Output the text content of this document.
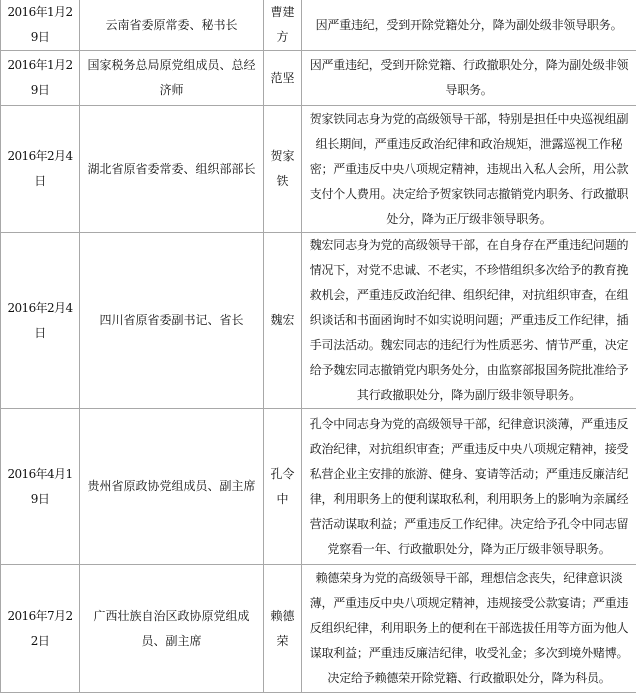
2016年1月29日	云南省委原常委、秘书长	曹建方	因严重违纪，受到开除党籍处分，降为副处级非领导职务。
2016年1月29日	国家税务总局原党组成员、总经济师	范坚	因严重违纪，受到开除党籍、行政撤职处分，降为副处级非领导职务。
2016年2月4日	湖北省原省委常委、组织部部长	贺家铁	贺家铁同志身为党的高级领导干部，特别是担任中央巡视组副组长期间，严重违反政治纪律和政治规矩，泄露巡视工作秘密；严重违反中央八项规定精神，违规出入私人会所，用公款支付个人费用。决定给予贺家铁同志撤销党内职务、行政撤职处分，降为正厅级非领导职务。
2016年2月4日	四川省原省委副书记、省长	魏宏	魏宏同志身为党的高级领导干部，在自身存在严重违纪问题的情况下，对党不忠诚、不老实，不珍惜组织多次给予的教育挽救机会，严重违反政治纪律、组织纪律，对抗组织审查，在组织谈话和书面函询时不如实说明问题；严重违反工作纪律，插手司法活动。魏宏同志的违纪行为性质恶劣、情节严重，决定给予魏宏同志撤销党内职务处分，由监察部报国务院批准给予其行政撤职处分，降为副厅级非领导职务。
2016年4月19日	贵州省原政协党组成员、副主席	孔令中	孔令中同志身为党的高级领导干部，纪律意识淡薄，严重违反政治纪律，对抗组织审查；严重违反中央八项规定精神，接受私营企业主安排的旅游、健身、宴请等活动；严重违反廉洁纪律，利用职务上的便利谋取私利，利用职务上的影响为亲属经营活动谋取利益；严重违反工作纪律。决定给予孔令中同志留党察看一年、行政撤职处分，降为正厅级非领导职务。
2016年7月22日	广西壮族自治区政协原党组成员、副主席	赖德荣	赖德荣身为党的高级领导干部，理想信念丧失，纪律意识淡薄，严重违反中央八项规定精神，违规接受公款宴请；严重违反组织纪律，利用职务上的便利在干部选拔任用等方面为他人谋取利益；严重违反廉洁纪律，收受礼金；多次到境外赌博。决定给予赖德荣开除党籍、行政撤职处分，降为科员。
